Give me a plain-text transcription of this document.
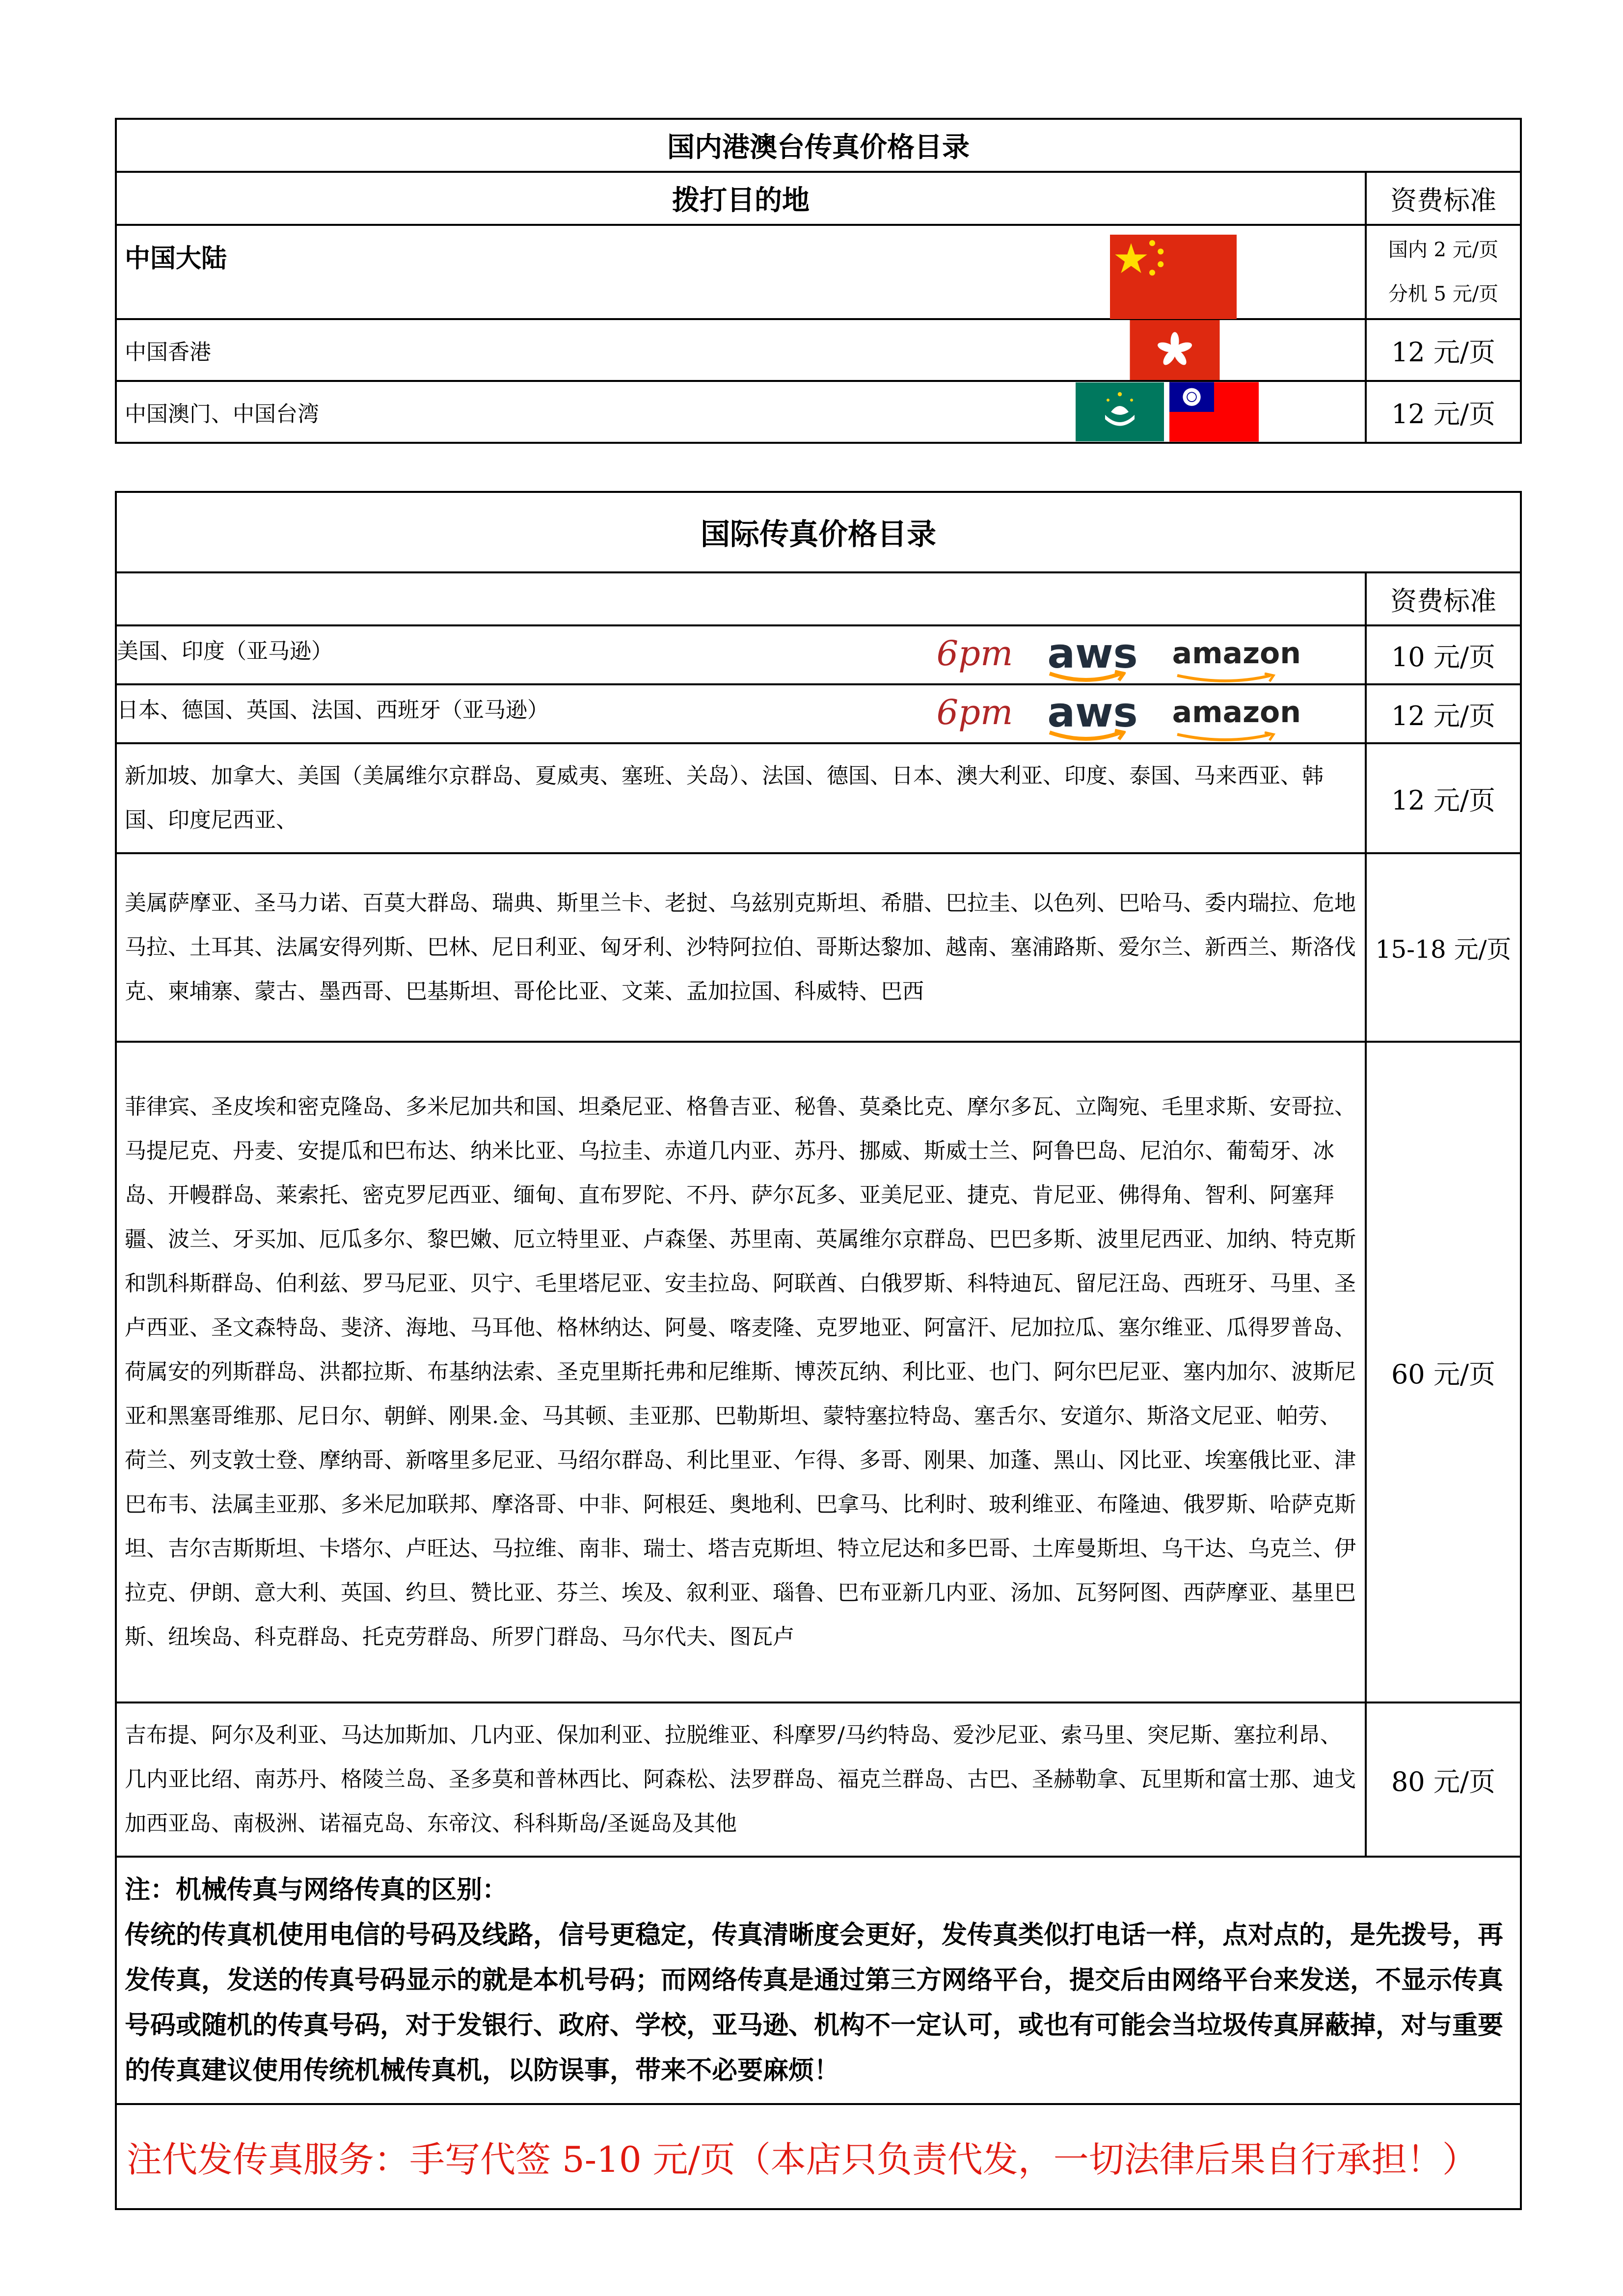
国内港澳台传真价格目录	
拨打目的地	资费标准

中国大陆	国内 2 元/页
分机 5 元/页

中国香港	12 元/页
中国澳门、中国台湾	12 元/页
国际传真价格目录	
	资费标准

美国、印度（亚马逊） 6pm aws amazon	10 元/页

日本、德国、英国、法国、西班牙（亚马逊） 6pm aws amazon	12 元/页
新加坡、加拿大、美国（美属维尔京群岛、夏威夷、塞班、关岛）、法国、德国、日本、澳大利亚、印度、泰国、马来西亚、韩国、印度尼西亚、	12 元/页
美属萨摩亚、圣马力诺、百莫大群岛、瑞典、斯里兰卡、老挝、乌兹别克斯坦、希腊、巴拉圭、以色列、巴哈马、委内瑞拉、危地马拉、土耳其、法属安得列斯、巴林、尼日利亚、匈牙利、沙特阿拉伯、哥斯达黎加、越南、塞浦路斯、爱尔兰、新西兰、斯洛伐克、柬埔寨、蒙古、墨西哥、巴基斯坦、哥伦比亚、文莱、孟加拉国、科威特、巴西	15-18 元/页
菲律宾、圣皮埃和密克隆岛、多米尼加共和国、坦桑尼亚、格鲁吉亚、秘鲁、莫桑比克、摩尔多瓦、立陶宛、毛里求斯、安哥拉、马提尼克、丹麦、安提瓜和巴布达、纳米比亚、乌拉圭、赤道几内亚、苏丹、挪威、斯威士兰、阿鲁巴岛、尼泊尔、葡萄牙、冰岛、开幔群岛、莱索托、密克罗尼西亚、缅甸、直布罗陀、不丹、萨尔瓦多、亚美尼亚、捷克、肯尼亚、佛得角、智利、阿塞拜疆、波兰、牙买加、厄瓜多尔、黎巴嫩、厄立特里亚、卢森堡、苏里南、英属维尔京群岛、巴巴多斯、波里尼西亚、加纳、特克斯和凯科斯群岛、伯利兹、罗马尼亚、贝宁、毛里塔尼亚、安圭拉岛、阿联酋、白俄罗斯、科特迪瓦、留尼汪岛、西班牙、马里、圣卢西亚、圣文森特岛、斐济、海地、马耳他、格林纳达、阿曼、喀麦隆、克罗地亚、阿富汗、尼加拉瓜、塞尔维亚、瓜得罗普岛、荷属安的列斯群岛、洪都拉斯、布基纳法索、圣克里斯托弗和尼维斯、博茨瓦纳、利比亚、也门、阿尔巴尼亚、塞内加尔、波斯尼亚和黑塞哥维那、尼日尔、朝鲜、刚果.金、马其顿、圭亚那、巴勒斯坦、蒙特塞拉特岛、塞舌尔、安道尔、斯洛文尼亚、帕劳、荷兰、列支敦士登、摩纳哥、新喀里多尼亚、马绍尔群岛、利比里亚、乍得、多哥、刚果、加蓬、黑山、冈比亚、埃塞俄比亚、津巴布韦、法属圭亚那、多米尼加联邦、摩洛哥、中非、阿根廷、奥地利、巴拿马、比利时、玻利维亚、布隆迪、俄罗斯、哈萨克斯坦、吉尔吉斯斯坦、卡塔尔、卢旺达、马拉维、南非、瑞士、塔吉克斯坦、特立尼达和多巴哥、土库曼斯坦、乌干达、乌克兰、伊拉克、伊朗、意大利、英国、约旦、赞比亚、芬兰、埃及、叙利亚、瑙鲁、巴布亚新几内亚、汤加、瓦努阿图、西萨摩亚、基里巴斯、纽埃岛、科克群岛、托克劳群岛、所罗门群岛、马尔代夫、图瓦卢	60 元/页
吉布提、阿尔及利亚、马达加斯加、几内亚、保加利亚、拉脱维亚、科摩罗/马约特岛、爱沙尼亚、索马里、突尼斯、塞拉利昂、几内亚比绍、南苏丹、格陵兰岛、圣多莫和普林西比、阿森松、法罗群岛、福克兰群岛、古巴、圣赫勒拿、瓦里斯和富士那、迪戈加西亚岛、南极洲、诺福克岛、东帝汶、科科斯岛/圣诞岛及其他	80 元/页

注：机械传真与网络传真的区别：
传统的传真机使用电信的号码及线路，信号更稳定，传真清晰度会更好，发传真类似打电话一样，点对点的，是先拨号，再发传真，发送的传真号码显示的就是本机号码；而网络传真是通过第三方网络平台，提交后由网络平台来发送，不显示传真号码或随机的传真号码，对于发银行、政府、学校，亚马逊、机构不一定认可，或也有可能会当垃圾传真屏蔽掉，对与重要的传真建议使用传统机械传真机，以防误事，带来不必要麻烦！	

注代发传真服务：手写代签 5-10 元/页（本店只负责代发，一切法律后果自行承担！）	
